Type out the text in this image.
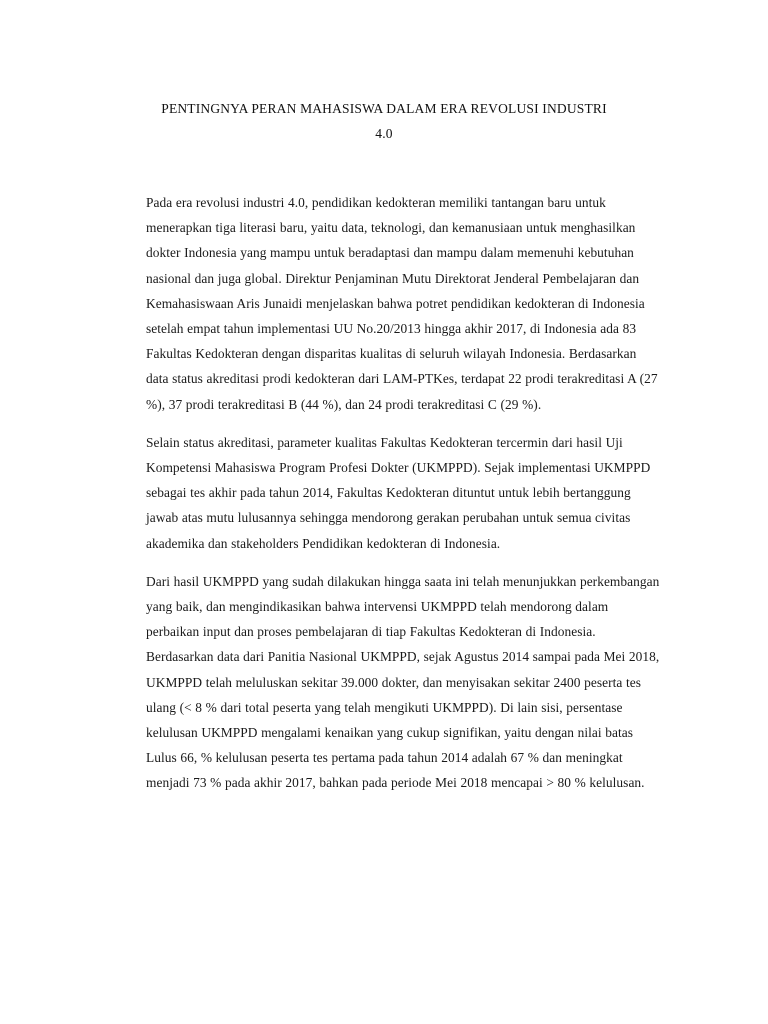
PENTINGNYA PERAN MAHASISWA DALAM ERA REVOLUSI INDUSTRI
4.0

Pada era revolusi industri 4.0, pendidikan kedokteran memiliki tantangan baru untuk menerapkan tiga literasi baru, yaitu data, teknologi, dan kemanusiaan untuk menghasilkan dokter Indonesia yang mampu untuk beradaptasi dan mampu dalam memenuhi kebutuhan nasional dan juga global. Direktur Penjaminan Mutu Direktorat Jenderal Pembelajaran dan Kemahasiswaan Aris Junaidi menjelaskan bahwa potret pendidikan kedokteran di Indonesia setelah empat tahun implementasi UU No.20/2013 hingga akhir 2017, di Indonesia ada 83 Fakultas Kedokteran dengan disparitas kualitas di seluruh wilayah Indonesia. Berdasarkan data status akreditasi prodi kedokteran dari LAM-PTKes, terdapat 22 prodi terakreditasi A (27 %), 37 prodi terakreditasi B (44 %), dan 24 prodi terakreditasi C (29 %).

Selain status akreditasi, parameter kualitas Fakultas Kedokteran tercermin dari hasil Uji Kompetensi Mahasiswa Program Profesi Dokter (UKMPPD). Sejak implementasi UKMPPD sebagai tes akhir pada tahun 2014, Fakultas Kedokteran dituntut untuk lebih bertanggung jawab atas mutu lulusannya sehingga mendorong gerakan perubahan untuk semua civitas akademika dan stakeholders Pendidikan kedokteran di Indonesia.

Dari hasil UKMPPD yang sudah dilakukan hingga saata ini telah menunjukkan perkembangan yang baik, dan mengindikasikan bahwa intervensi UKMPPD telah mendorong dalam perbaikan input dan proses pembelajaran di tiap Fakultas Kedokteran di Indonesia. Berdasarkan data dari Panitia Nasional UKMPPD, sejak Agustus 2014 sampai pada Mei 2018, UKMPPD telah meluluskan sekitar 39.000 dokter, dan menyisakan sekitar 2400 peserta tes ulang (< 8 % dari total peserta yang telah mengikuti UKMPPD). Di lain sisi, persentase kelulusan UKMPPD mengalami kenaikan yang cukup signifikan, yaitu dengan nilai batas Lulus 66, % kelulusan peserta tes pertama pada tahun 2014 adalah 67 % dan meningkat menjadi 73 % pada akhir 2017, bahkan pada periode Mei 2018 mencapai > 80 % kelulusan.
